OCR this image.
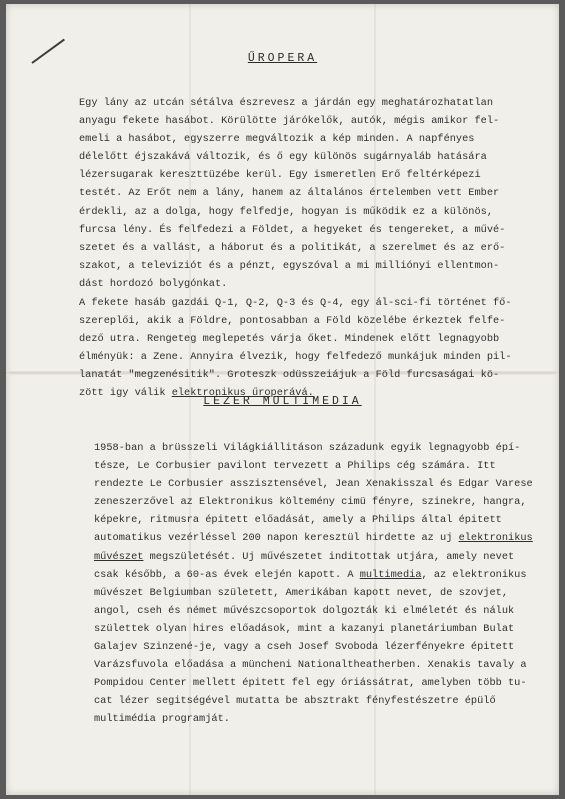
ŰROPERA
Egy lány az utcán sétálva észrevesz a járdán egy meghatározhatatlan
anyagu fekete hasábot. Körülötte járókelők, autók, mégis amikor fel-
emeli a hasábot, egyszerre megváltozik a kép minden. A napfényes
délelőtt éjszakává változik, és ő egy különös sugárnyaláb hatására
lézersugarak kereszttüzébe kerül. Egy ismeretlen Erő feltérképezi
testét. Az Erőt nem a lány, hanem az általános értelemben vett Ember
érdekli, az a dolga, hogy felfedje, hogyan is működik ez a különös,
furcsa lény. És felfedezi a Földet, a hegyeket és tengereket, a művé-
szetet és a vallást, a háborut és a politikát, a szerelmet és az erő-
szakot, a televiziót és a pénzt, egyszóval a mi milliónyi ellentmon-
dást hordozó bolygónkat.
A fekete hasáb gazdái Q-1, Q-2, Q-3 és Q-4, egy ál-sci-fi történet fő-
szereplői, akik a Földre, pontosabban a Föld közelébe érkeztek felfe-
dező utra. Rengeteg meglepetés várja őket. Mindenek előtt legnagyobb
élményük: a Zene. Annyira élvezik, hogy felfedező munkájuk minden pil-
lanatát "megzenésitik". Groteszk odüsszeiájuk a Föld furcsaságai kö-
zött igy válik elektronikus űroperává.
LÉZER MULTIMEDIA
1958-ban a brüsszeli Világkiállitáson századunk egyik legnagyobb épí-
tésze, Le Corbusier pavilont tervezett a Philips cég számára. Itt
rendezte Le Corbusier asszisztensével, Jean Xenakisszal és Edgar Varese
zeneszerzővel az Elektronikus költemény cimü fényre, szinekre, hangra,
képekre, ritmusra épitett előadását, amely a Philips által épitett
automatikus vezérléssel 200 napon keresztül hirdette az uj elektronikus
művészet megszületését. Uj művészetet inditottak utjára, amely nevet
csak később, a 60-as évek elején kapott. A multimedia, az elektronikus
művészet Belgiumban született, Amerikában kapott nevet, de szovjet,
angol, cseh és német művészcsoportok dolgozták ki elméletét és náluk
születtek olyan hires előadások, mint a kazanyi planetáriumban Bulat
Galajev Szinzené-je, vagy a cseh Josef Svoboda lézerfényekre épitett
Varázsfuvola előadása a müncheni Nationaltheatherben. Xenakis tavaly a
Pompidou Center mellett épitett fel egy óriássátrat, amelyben több tu-
cat lézer segitségével mutatta be absztrakt fényfestészetre épülő
multimédia programját.
